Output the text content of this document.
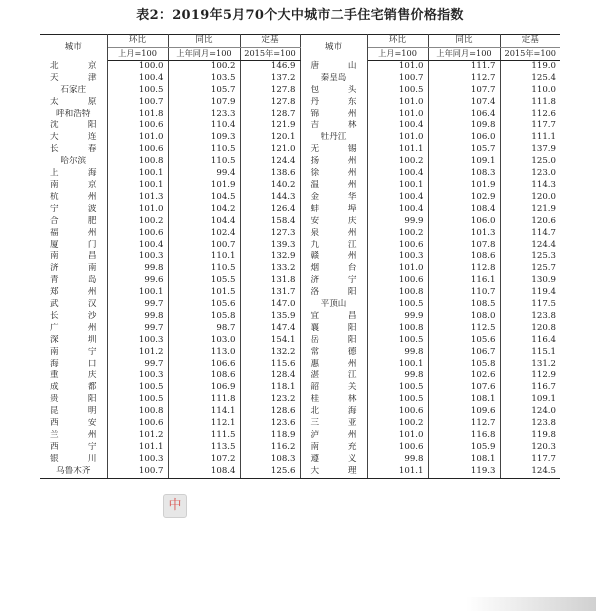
表2：2019年5月70个大中城市二手住宅销售价格指数
城市	环比	同比	定基	城市	环比	同比	定基
	上月=100	上年同月=100	2015年=100		上月=100	上年同月=100	2015年=100
北京	100.0	100.2	146.9	唐山	101.0	111.7	119.0
天津	100.4	103.5	137.2	秦皇岛	100.7	112.7	125.4
石家庄	100.5	105.7	127.8	包头	100.5	107.7	110.0
太原	100.7	107.9	127.8	丹东	101.0	107.4	111.8
呼和浩特	101.8	123.3	128.7	锦州	101.0	106.4	112.6
沈阳	100.6	110.4	121.9	吉林	100.4	109.8	117.7
大连	101.0	109.3	120.1	牡丹江	101.0	106.0	111.1
长春	100.6	110.5	121.0	无锡	101.1	105.7	137.9
哈尔滨	100.8	110.5	124.4	扬州	100.2	109.1	125.0
上海	100.1	99.4	138.6	徐州	100.4	108.3	123.0
南京	100.1	101.9	140.2	温州	100.1	101.9	114.3
杭州	101.3	104.5	144.3	金华	100.4	102.9	120.0
宁波	101.0	104.2	126.4	蚌埠	100.4	108.4	121.9
合肥	100.2	104.4	158.4	安庆	99.9	106.0	120.6
福州	100.6	102.4	127.3	泉州	100.2	101.3	114.7
厦门	100.4	100.7	139.3	九江	100.6	107.8	124.4
南昌	100.3	110.1	132.9	赣州	100.3	108.6	125.3
济南	99.8	110.5	133.2	烟台	101.0	112.8	125.7
青岛	99.6	105.5	131.8	济宁	100.6	116.1	130.9
郑州	100.1	101.5	131.7	洛阳	100.8	110.7	119.4
武汉	99.7	105.6	147.0	平顶山	100.5	108.5	117.5
长沙	99.8	105.8	135.9	宜昌	99.9	108.0	123.8
广州	99.7	98.7	147.4	襄阳	100.8	112.5	120.8
深圳	100.3	103.0	154.1	岳阳	100.5	105.6	116.4
南宁	101.2	113.0	132.2	常德	99.8	106.7	115.1
海口	99.7	106.6	115.6	惠州	100.1	105.8	131.2
重庆	100.3	108.6	128.4	湛江	99.8	102.6	112.9
成都	100.5	106.9	118.1	韶关	100.5	107.6	116.7
贵阳	100.5	111.8	123.2	桂林	100.5	108.1	109.1
昆明	100.8	114.1	128.6	北海	100.6	109.6	124.0
西安	100.6	112.1	123.6	三亚	100.2	112.7	123.8
兰州	101.2	111.5	118.9	泸州	101.0	116.8	119.8
西宁	101.1	113.5	116.2	南充	100.6	105.9	120.3
银川	100.3	107.2	108.3	遵义	99.8	108.1	117.7
乌鲁木齐	100.7	108.4	125.6	大理	101.1	119.3	124.5
中
